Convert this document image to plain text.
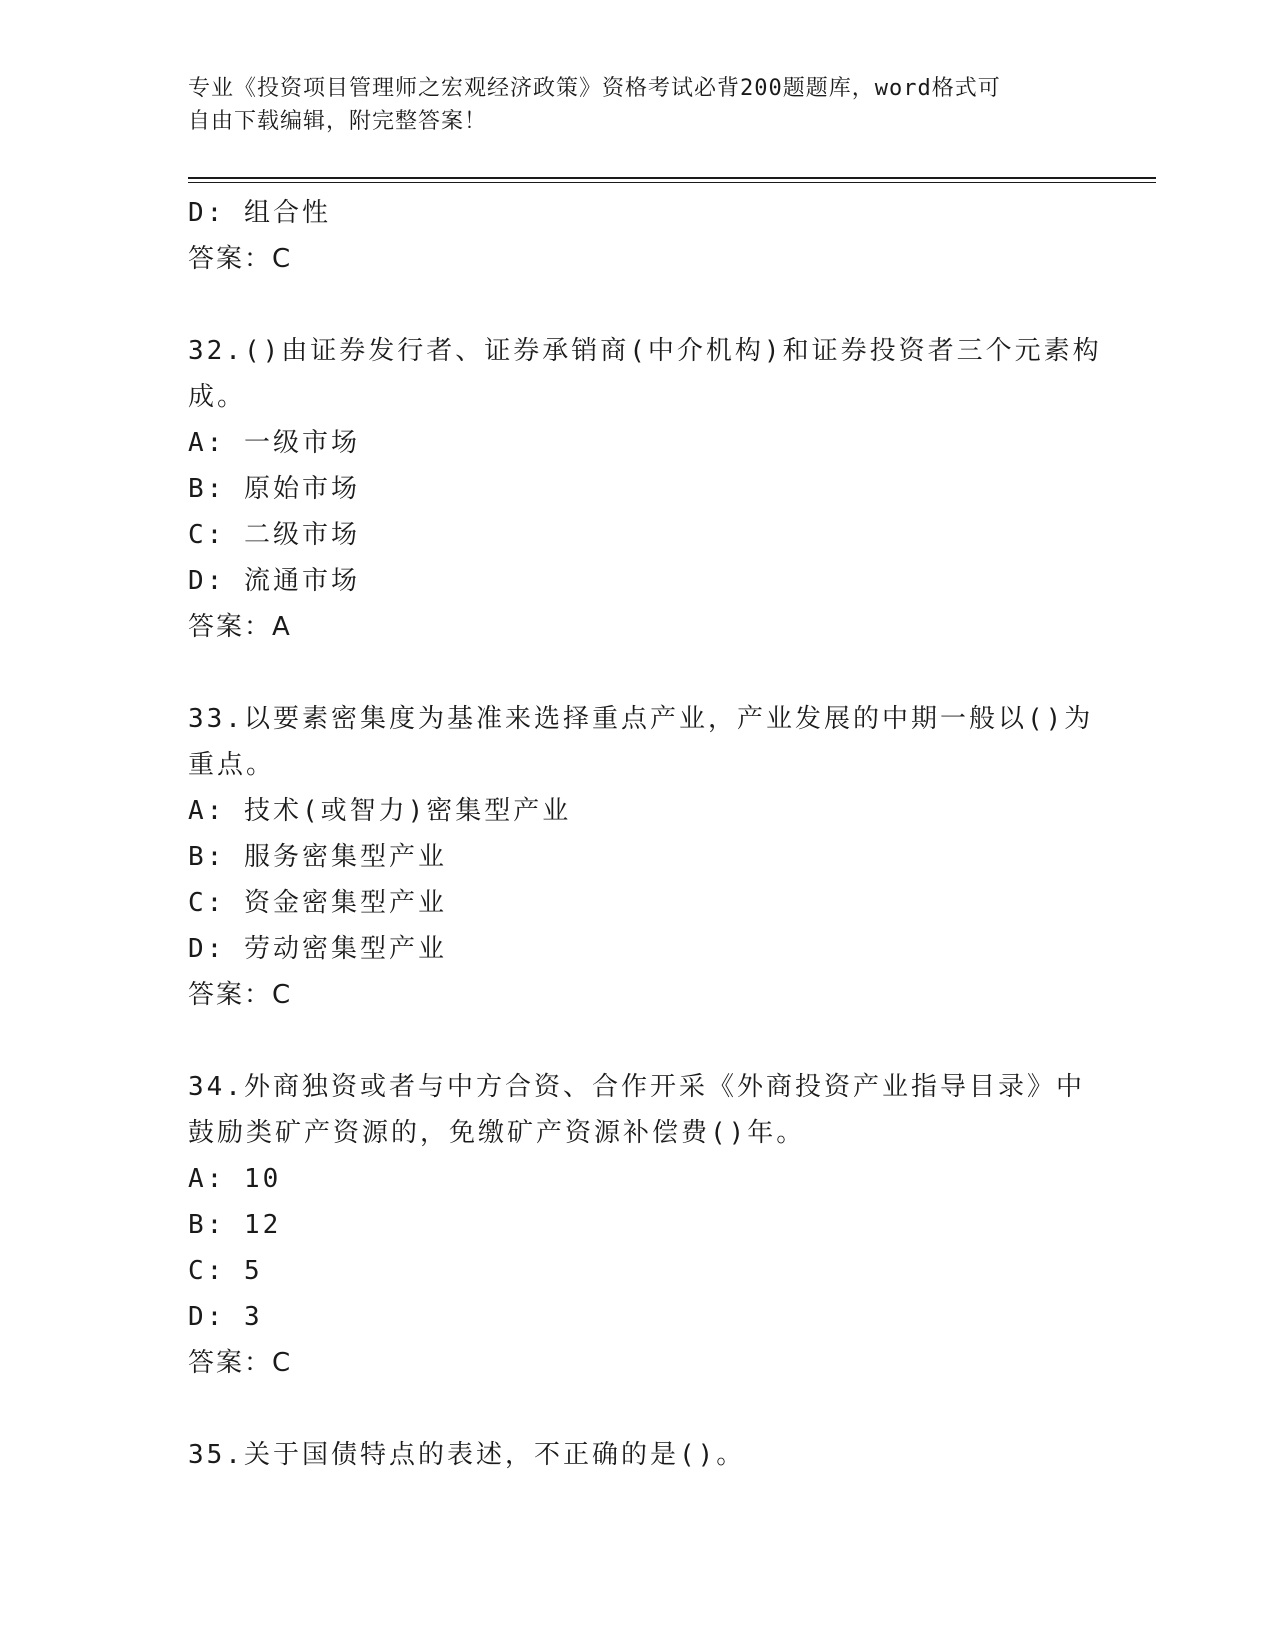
专业《投资项目管理师之宏观经济政策》资格考试必背200题题库，word格式可
自由下载编辑，附完整答案！
D: 组合性
答案：C
32.()由证券发行者、证券承销商(中介机构)和证券投资者三个元素构
成。
A: 一级市场
B: 原始市场
C: 二级市场
D: 流通市场
答案：A
33.以要素密集度为基准来选择重点产业，产业发展的中期一般以()为
重点。
A: 技术(或智力)密集型产业
B: 服务密集型产业
C: 资金密集型产业
D: 劳动密集型产业
答案：C
34.外商独资或者与中方合资、合作开采《外商投资产业指导目录》中
鼓励类矿产资源的，免缴矿产资源补偿费()年。
A: 10
B: 12
C: 5
D: 3
答案：C
35.关于国债特点的表述，不正确的是()。
